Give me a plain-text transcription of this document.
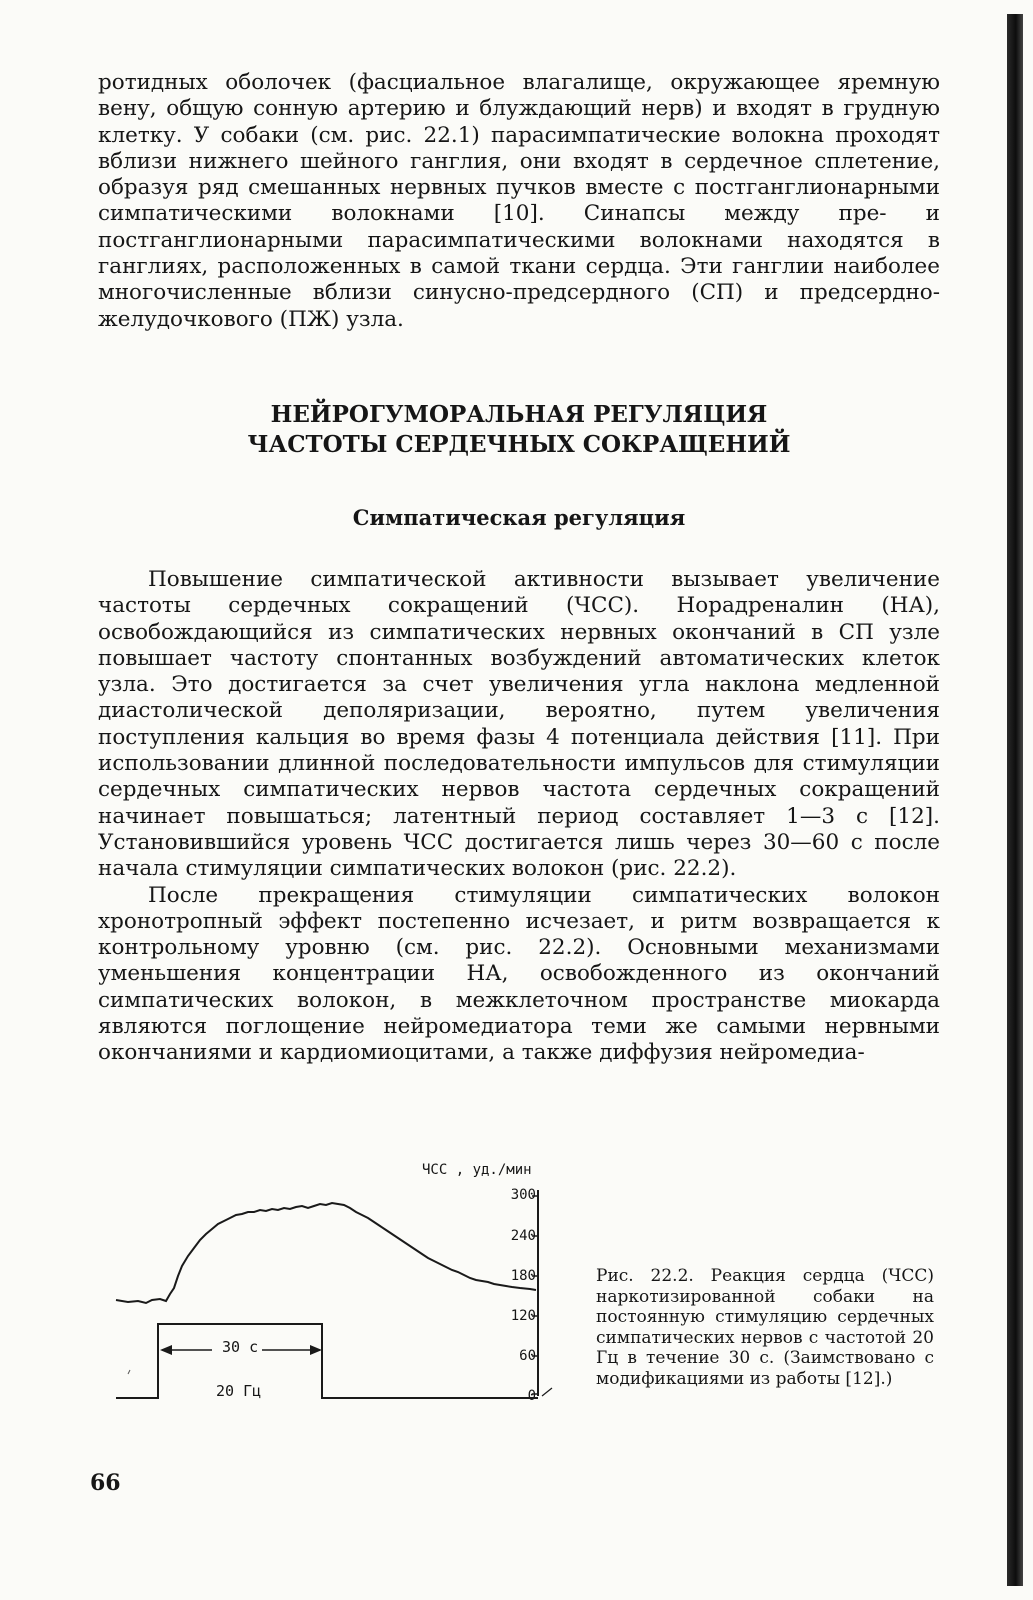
ротидных оболочек (фасциальное влагалище, окружающее яремную вену, общую сонную артерию и блуждающий нерв) и входят в грудную клетку. У собаки (см. рис. 22.1) парасимпатические волокна проходят вблизи нижнего шейного ганглия, они входят в сердечное сплетение, образуя ряд смешанных нервных пучков вместе с постганглионарными симпатическими волокнами [10]. Синапсы между пре- и постганглионарными парасимпатическими волокнами находятся в ганглиях, расположенных в самой ткани сердца. Эти ганглии наиболее многочисленные вблизи синусно-предсердного (СП) и предсердно-желудочкового (ПЖ) узла.

НЕЙРОГУМОРАЛЬНАЯ РЕГУЛЯЦИЯ
ЧАСТОТЫ СЕРДЕЧНЫХ СОКРАЩЕНИЙ
Симпатическая регуляция

Повышение симпатической активности вызывает увеличение частоты сердечных сокращений (ЧСС). Норадреналин (НА), освобождающийся из симпатических нервных окончаний в СП узле повышает частоту спонтанных возбуждений автоматических клеток узла. Это достигается за счет увеличения угла наклона медленной диастолической деполяризации, вероятно, путем увеличения поступления кальция во время фазы 4 потенциала действия [11]. При использовании длинной последовательности импульсов для стимуляции сердечных симпатических нервов частота сердечных сокращений начинает повышаться; латентный период составляет 1—3 с [12]. Установившийся уровень ЧСС достигается лишь через 30—60 с после начала стимуляции симпатических волокон (рис. 22.2).

После прекращения стимуляции симпатических волокон хронотропный эффект постепенно исчезает, и ритм возвращается к контрольному уровню (см. рис. 22.2). Основными механизмами уменьшения концентрации НА, освобожденного из окончаний симпатических волокон, в межклеточном пространстве миокарда являются поглощение нейромедиатора теми же самыми нервными окончаниями и кардиомиоцитами, а также диффузия нейромедиа-

ЧСС , уд./мин
300
240
180
120
60
0
30 с
20 Гц

Рис. 22.2. Реакция сердца (ЧСС) наркотизированной собаки на постоянную стимуляцию сердечных симпатических нервов с частотой 20 Гц в течение 30 с. (Заимствовано с модификациями из работы [12].)

66
